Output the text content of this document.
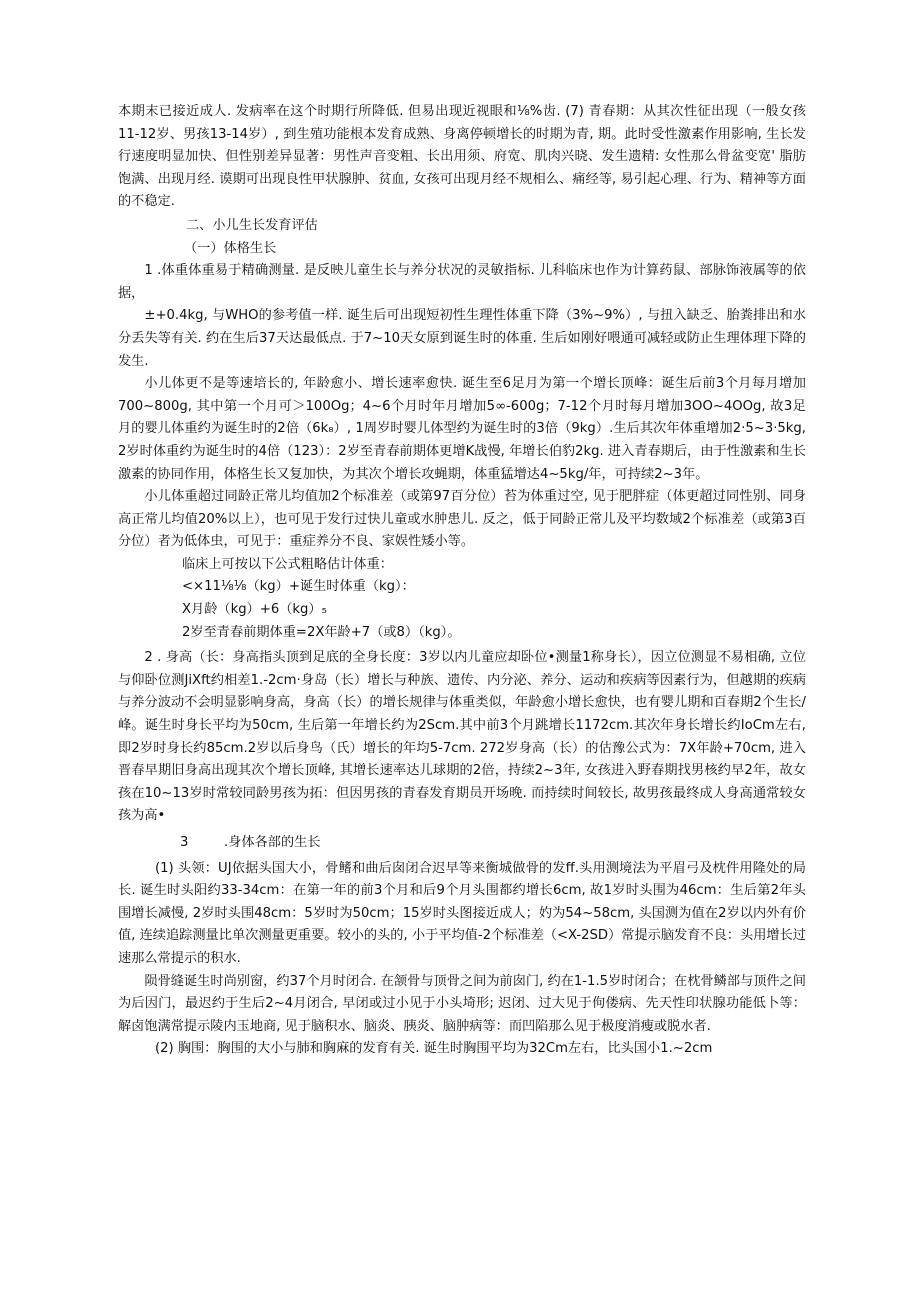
本期末已接近成人. 发病率在这个时期行所降低. 但易出现近视眼和⅛%齿. (7) 青春期：从其次性征出现（一般女孩11-12岁、男孩13-14岁）, 到生殖功能根本发育成熟、身离停顿增长的时期为青, 期。此时受性激素作用影响, 生长发行速度明显加快、但性别差异显著：男性声音变粗、长出用须、府宽、肌肉兴晓、发生遗精: 女性那么骨盆变宽' 脂肪饱满、出现月经. 谟期可出现良性甲状腺肿、贫血, 女孩可出现月经不规相么、痛经等, 易引起心理、行为、精神等方面的不稳定.

二、小儿生长发育评估

（一）体格生长

1 .体重体重易于精确测量. 是反映儿童生长与养分状况的灵敏指标. 儿科临床也作为计算药鼠、部脉饰液属等的依据，

±+0.4kg, 与WHO的参考值一样. 诞生后可出现短初性生理性体重下降（3%~9%）, 与扭入缺乏、胎粪排出和水分丢失等有关. 约在生后37天达最低点. 于7~10天女原到诞生时的体重. 生后如刚好喂通可减轻或防止生理体理下降的发生.

小儿体更不是等速培长的, 年龄愈小、增长速率愈快. 诞生至6足月为第一个增长顶峰：诞生后前3个月每月增加700~800g, 其中第一个月可＞100Og；4~6个月时年月增加5∞-600g；7-12个月时每月增加3OO~4OOg, 故3足月的婴儿体重约为诞生时的2倍（6k₈）, 1周岁时婴儿体型约为诞生时的3倍（9kg）.生后其次年体重增加2·5~3·5kg, 2岁时体重约为诞生时的4倍（123）：2岁至青春前期体更增K战慢, 年增长伯豹2kg. 进入青春期后，由于性激素和生长激素的协同作用，体格生长又复加快，为其次个增长攻蝇期，体重猛增达4~5kg/年，可持续2~3年。

小儿体重超过同龄正常儿均值加2个标准差（或第97百分位）苔为体重过空, 见于肥胖症（体更超过同性别、同身高正常儿均值20%以上），也可见于发行过快儿童或水肿患儿. 反之，低于同龄正常儿及平均数域2个标准差（或第3百分位）者为低体虫，可见于：重症养分不良、家娱性矮小等。

临床上可按以下公式粗略估计体重：

<×11⅛⅛（kg）+诞生时体重（kg）：

X月龄（kg）+6（kg）₅

2岁至青春前期体重=2X年龄+7（或8）（kg）。

2 . 身高（长：身高指头顶到足底的全身长度：3岁以内儿童应却卧位•测量1称身长），因立位测显不易相确, 立位与仰卧位测JiXft约相差1.-2cm·身岛（长）增长与种族、遗传、内分泌、养分、运动和疾病等因素行为，但越期的疾病与养分波动不会明显影响身高，身高（长）的增长规律与体重类似，年龄愈小增长愈快，也有婴儿期和百春期2个生长/峰。诞生时身长平均为50cm, 生后第一年增长约为2Scm.其中前3个月跳增长1172cm.其次年身长增长约IoCm左右, 即2岁时身长约85cm.2岁以后身鸟（氏）增长的年均5-7cm. 272岁身高（长）的估豫公式为：7X年龄+70cm, 进入晋春早期旧身高出现其次个增长顶峰, 其增长速率达儿球期的2倍，持续2~3年, 女孩进入野春期找男核约早2年，故女孩在10~13岁时常较同龄男孩为拓：但因男孩的青春发育期员开场晚. 而持续时间较长, 故男孩最终成人身高通常较女孩为高•

3	.身体各部的生长

(1) 头领：UJ依据头国大小，骨鳍和曲后囱闭合迟早等来衡城做骨的发ff.头用测境法为平眉弓及枕件用隆处的局长. 诞生时头阳约33-34cm：在第一年的前3个月和后9个月头围都约增长6cm, 故1岁时头围为46cm：生后第2年头围增长减慢, 2岁时头围48cm：5岁时为50cm；15岁时头图接近成人；妁为54~58cm, 头国测为值在2岁以内外有价值, 连续追踪测量比单次测量更重要。较小的头的, 小于平均值-2个标准差（<X-2SD）常提示脑发育不良：头用增长过速那么常提示的积水.

陨骨缝诞生时尚别窗，约37个月时闭合. 在颔骨与顶骨之间为前囱门, 约在1-1.5岁时闭合；在枕骨鳞部与顶件之间为后因门，最迟约于生后2~4月闭合, 早闭或过小见于小头埼形; 迟闭、过大见于佝偻病、先天性印状腺功能低卜等：解卤饱满常提示陵内玉地商, 见于脑积水、脑炎、胰炎、脑肿病等：而凹陷那么见于极度消瘦或脱水者.

(2) 胸围：胸围的大小与肺和胸麻的发育有关. 诞生时胸围平均为32Cm左右，比头国小1.~2cm
